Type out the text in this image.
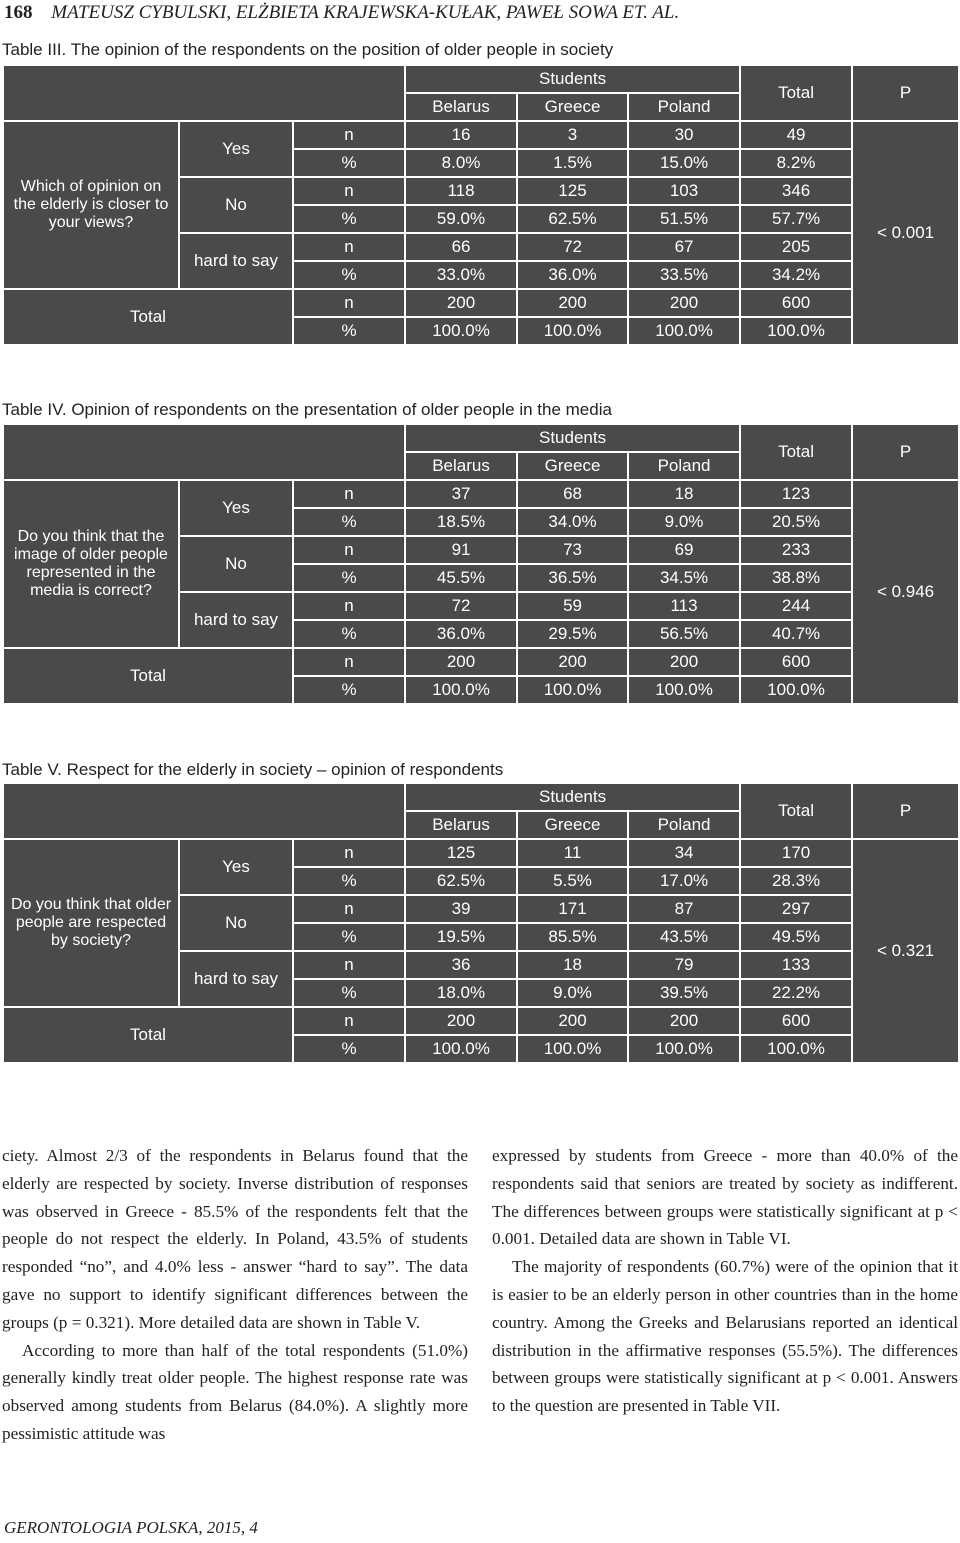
168 MATEUSZ CYBULSKI, ELŻBIETA KRAJEWSKA-KUŁAK, PAWEŁ SOWA ET. AL.
Table III. The opinion of the respondents on the position of older people in society
			Students			Total	P
			Belarus	Greece	Poland		
Which of opinion on the elderly is closer to your views?	Yes	n	16	3	30	49	< 0.001
		%	8.0%	1.5%	15.0%	8.2%	
	No	n	118	125	103	346	
		%	59.0%	62.5%	51.5%	57.7%	
	hard to say	n	66	72	67	205	
		%	33.0%	36.0%	33.5%	34.2%	
Total		n	200	200	200	600	
		%	100.0%	100.0%	100.0%	100.0%	
Table IV. Opinion of respondents on the presentation of older people in the media
			Students			Total	P
			Belarus	Greece	Poland		
Do you think that the image of older people represented in the media is correct?	Yes	n	37	68	18	123	< 0.946
		%	18.5%	34.0%	9.0%	20.5%	
	No	n	91	73	69	233	
		%	45.5%	36.5%	34.5%	38.8%	
	hard to say	n	72	59	113	244	
		%	36.0%	29.5%	56.5%	40.7%	
Total		n	200	200	200	600	
		%	100.0%	100.0%	100.0%	100.0%	
Table V. Respect for the elderly in society – opinion of respondents
			Students			Total	P
			Belarus	Greece	Poland		
Do you think that older people are respected by society?	Yes	n	125	11	34	170	< 0.321
		%	62.5%	5.5%	17.0%	28.3%	
	No	n	39	171	87	297	
		%	19.5%	85.5%	43.5%	49.5%	
	hard to say	n	36	18	79	133	
		%	18.0%	9.0%	39.5%	22.2%	
Total		n	200	200	200	600	
		%	100.0%	100.0%	100.0%	100.0%	

ciety. Almost 2/3 of the respondents in Belarus found that the elderly are respected by society. Inverse distribution of responses was observed in Greece - 85.5% of the respondents felt that the people do not respect the elderly. In Poland, 43.5% of students responded “no”, and 4.0% less - answer “hard to say”. The data gave no support to identify significant differences between the groups (p = 0.321). More detailed data are shown in Table V.

According to more than half of the total respondents (51.0%) generally kindly treat older people. The highest response rate was observed among students from Belarus (84.0%). A slightly more pessimistic attitude was

expressed by students from Greece - more than 40.0% of the respondents said that seniors are treated by society as indifferent. The differences between groups were statistically significant at p < 0.001. Detailed data are shown in Table VI.

The majority of respondents (60.7%) were of the opinion that it is easier to be an elderly person in other countries than in the home country. Among the Greeks and Belarusians reported an identical distribution in the affirmative responses (55.5%). The differences between groups were statistically significant at p < 0.001. Answers to the question are presented in Table VII.

GERONTOLOGIA POLSKA, 2015, 4
